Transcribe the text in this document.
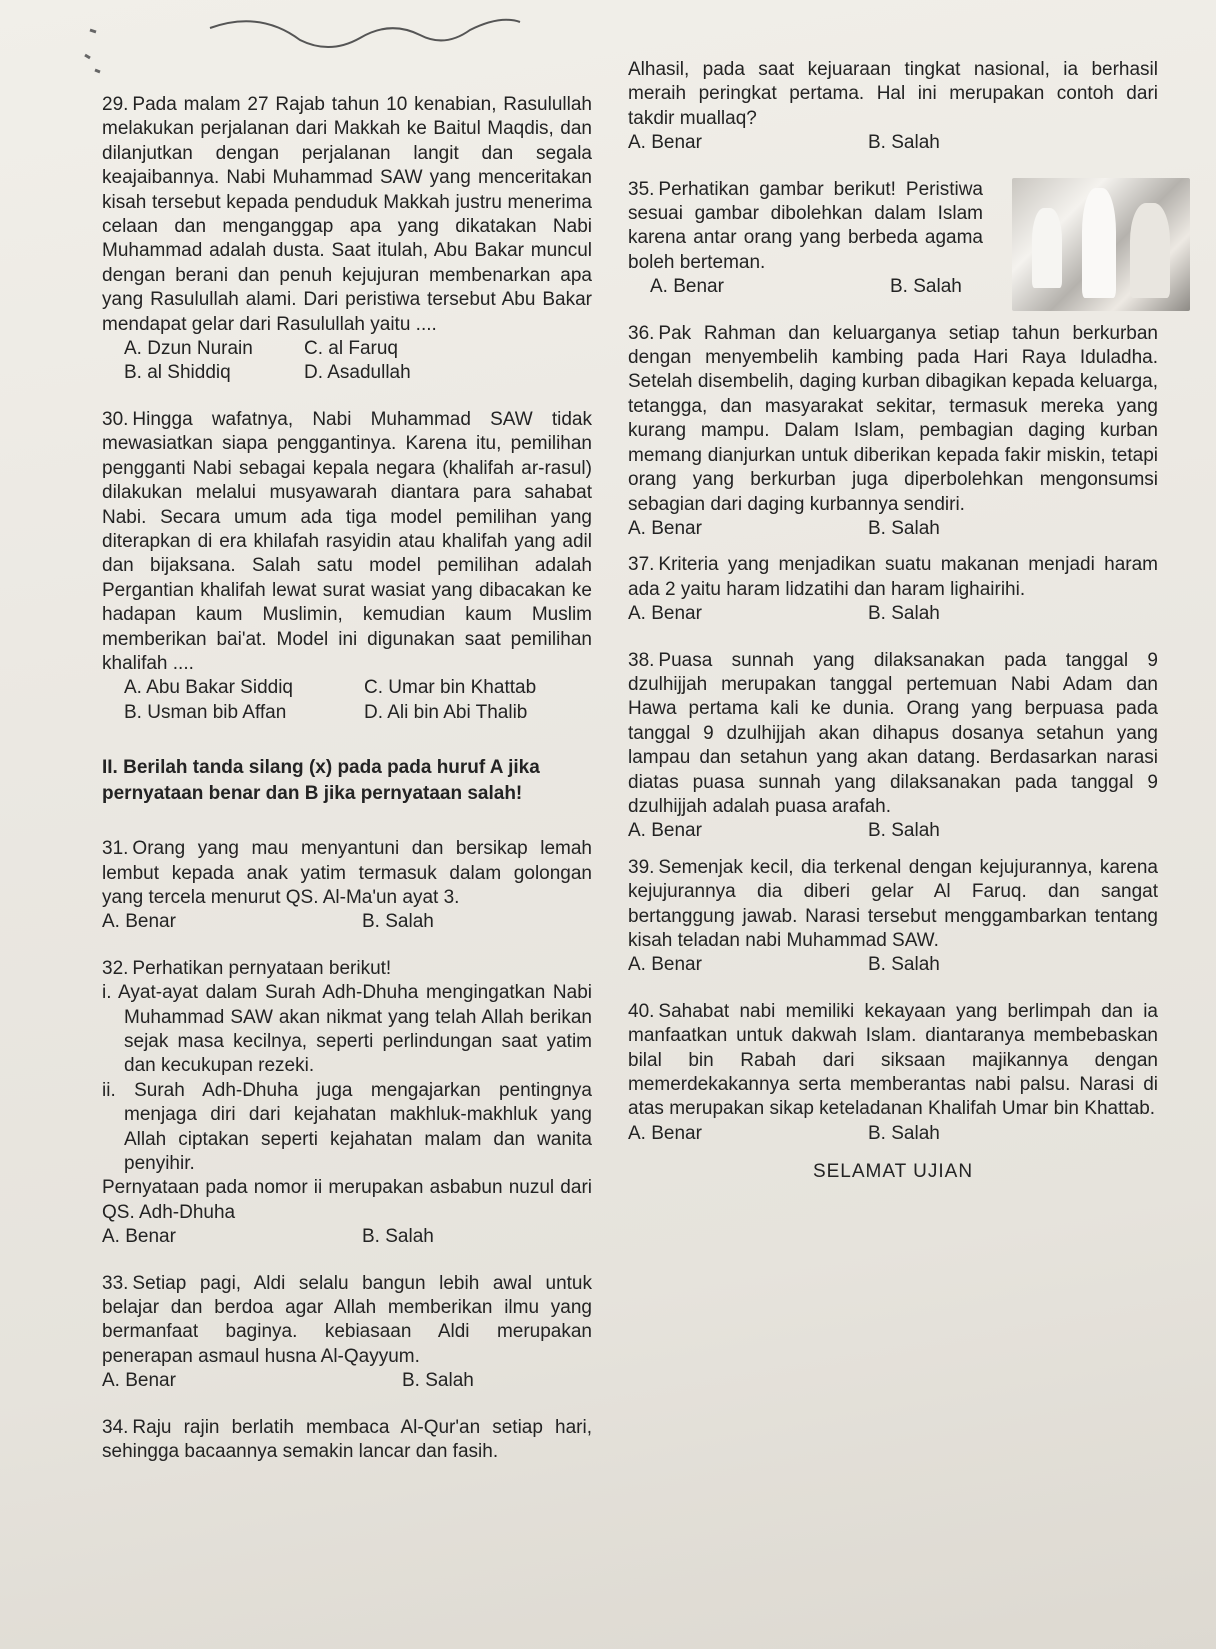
29. Pada malam 27 Rajab tahun 10 kenabian, Rasulullah melakukan perjalanan dari Makkah ke Baitul Maqdis, dan dilanjutkan dengan perjalanan langit dan segala keajaibannya. Nabi Muhammad SAW yang menceritakan kisah tersebut kepada penduduk Makkah justru menerima celaan dan menganggap apa yang dikatakan Nabi Muhammad adalah dusta. Saat itulah, Abu Bakar muncul dengan berani dan penuh kejujuran membenarkan apa yang Rasulullah alami. Dari peristiwa tersebut Abu Bakar mendapat gelar dari Rasulullah yaitu ....

A. Dzun Nurain	C. al Faruq
B. al Shiddiq	D. Asadullah

30. Hingga wafatnya, Nabi Muhammad SAW tidak mewasiatkan siapa penggantinya. Karena itu, pemilihan pengganti Nabi sebagai kepala negara (khalifah ar-rasul) dilakukan melalui musyawarah diantara para sahabat Nabi. Secara umum ada tiga model pemilihan yang diterapkan di era khilafah rasyidin atau khalifah yang adil dan bijaksana. Salah satu model pemilihan adalah Pergantian khalifah lewat surat wasiat yang dibacakan ke hadapan kaum Muslimin, kemudian kaum Muslim memberikan bai'at. Model ini digunakan saat pemilihan khalifah ....

A. Abu Bakar Siddiq	C. Umar bin Khattab
B. Usman bib Affan	D. Ali bin Abi Thalib

II. Berilah tanda silang (x) pada pada huruf A jika pernyataan benar dan B jika pernyataan salah!

31. Orang yang mau menyantuni dan bersikap lemah lembut kepada anak yatim termasuk dalam golongan yang tercela menurut QS. Al-Ma'un ayat 3.

A. Benar	B. Salah

32. Perhatikan pernyataan berikut!

i. Ayat-ayat dalam Surah Adh-Dhuha mengingatkan Nabi Muhammad SAW akan nikmat yang telah Allah berikan sejak masa kecilnya, seperti perlindungan saat yatim dan kecukupan rezeki.

ii. Surah Adh-Dhuha juga mengajarkan pentingnya menjaga diri dari kejahatan makhluk-makhluk yang Allah ciptakan seperti kejahatan malam dan wanita penyihir.

Pernyataan pada nomor ii merupakan asbabun nuzul dari QS. Adh-Dhuha

A. Benar	B. Salah

33. Setiap pagi, Aldi selalu bangun lebih awal untuk belajar dan berdoa agar Allah memberikan ilmu yang bermanfaat baginya. kebiasaan Aldi merupakan penerapan asmaul husna Al-Qayyum.

A. Benar	B. Salah

34. Raju rajin berlatih membaca Al-Qur'an setiap hari, sehingga bacaannya semakin lancar dan fasih.

Alhasil, pada saat kejuaraan tingkat nasional, ia berhasil meraih peringkat pertama. Hal ini merupakan contoh dari takdir muallaq?

A. Benar	B. Salah

35. Perhatikan gambar berikut! Peristiwa sesuai gambar dibolehkan dalam Islam karena antar orang yang berbeda agama boleh berteman.

A. Benar	B. Salah

36. Pak Rahman dan keluarganya setiap tahun berkurban dengan menyembelih kambing pada Hari Raya Iduladha. Setelah disembelih, daging kurban dibagikan kepada keluarga, tetangga, dan masyarakat sekitar, termasuk mereka yang kurang mampu. Dalam Islam, pembagian daging kurban memang dianjurkan untuk diberikan kepada fakir miskin, tetapi orang yang berkurban juga diperbolehkan mengonsumsi sebagian dari daging kurbannya sendiri.

A. Benar	B. Salah

37. Kriteria yang menjadikan suatu makanan menjadi haram ada 2 yaitu haram lidzatihi dan haram lighairihi.

A. Benar	B. Salah

38. Puasa sunnah yang dilaksanakan pada tanggal 9 dzulhijjah merupakan tanggal pertemuan Nabi Adam dan Hawa pertama kali ke dunia. Orang yang berpuasa pada tanggal 9 dzulhijjah akan dihapus dosanya setahun yang lampau dan setahun yang akan datang. Berdasarkan narasi diatas puasa sunnah yang dilaksanakan pada tanggal 9 dzulhijjah adalah puasa arafah.

A. Benar	B. Salah

39. Semenjak kecil, dia terkenal dengan kejujurannya, karena kejujurannya dia diberi gelar Al Faruq. dan sangat bertanggung jawab. Narasi tersebut menggambarkan tentang kisah teladan nabi Muhammad SAW.

A. Benar	B. Salah

40. Sahabat nabi memiliki kekayaan yang berlimpah dan ia manfaatkan untuk dakwah Islam. diantaranya membebaskan bilal bin Rabah dari siksaan majikannya dengan memerdekakannya serta memberantas nabi palsu. Narasi di atas merupakan sikap keteladanan Khalifah Umar bin Khattab.

A. Benar	B. Salah

SELAMAT UJIAN
